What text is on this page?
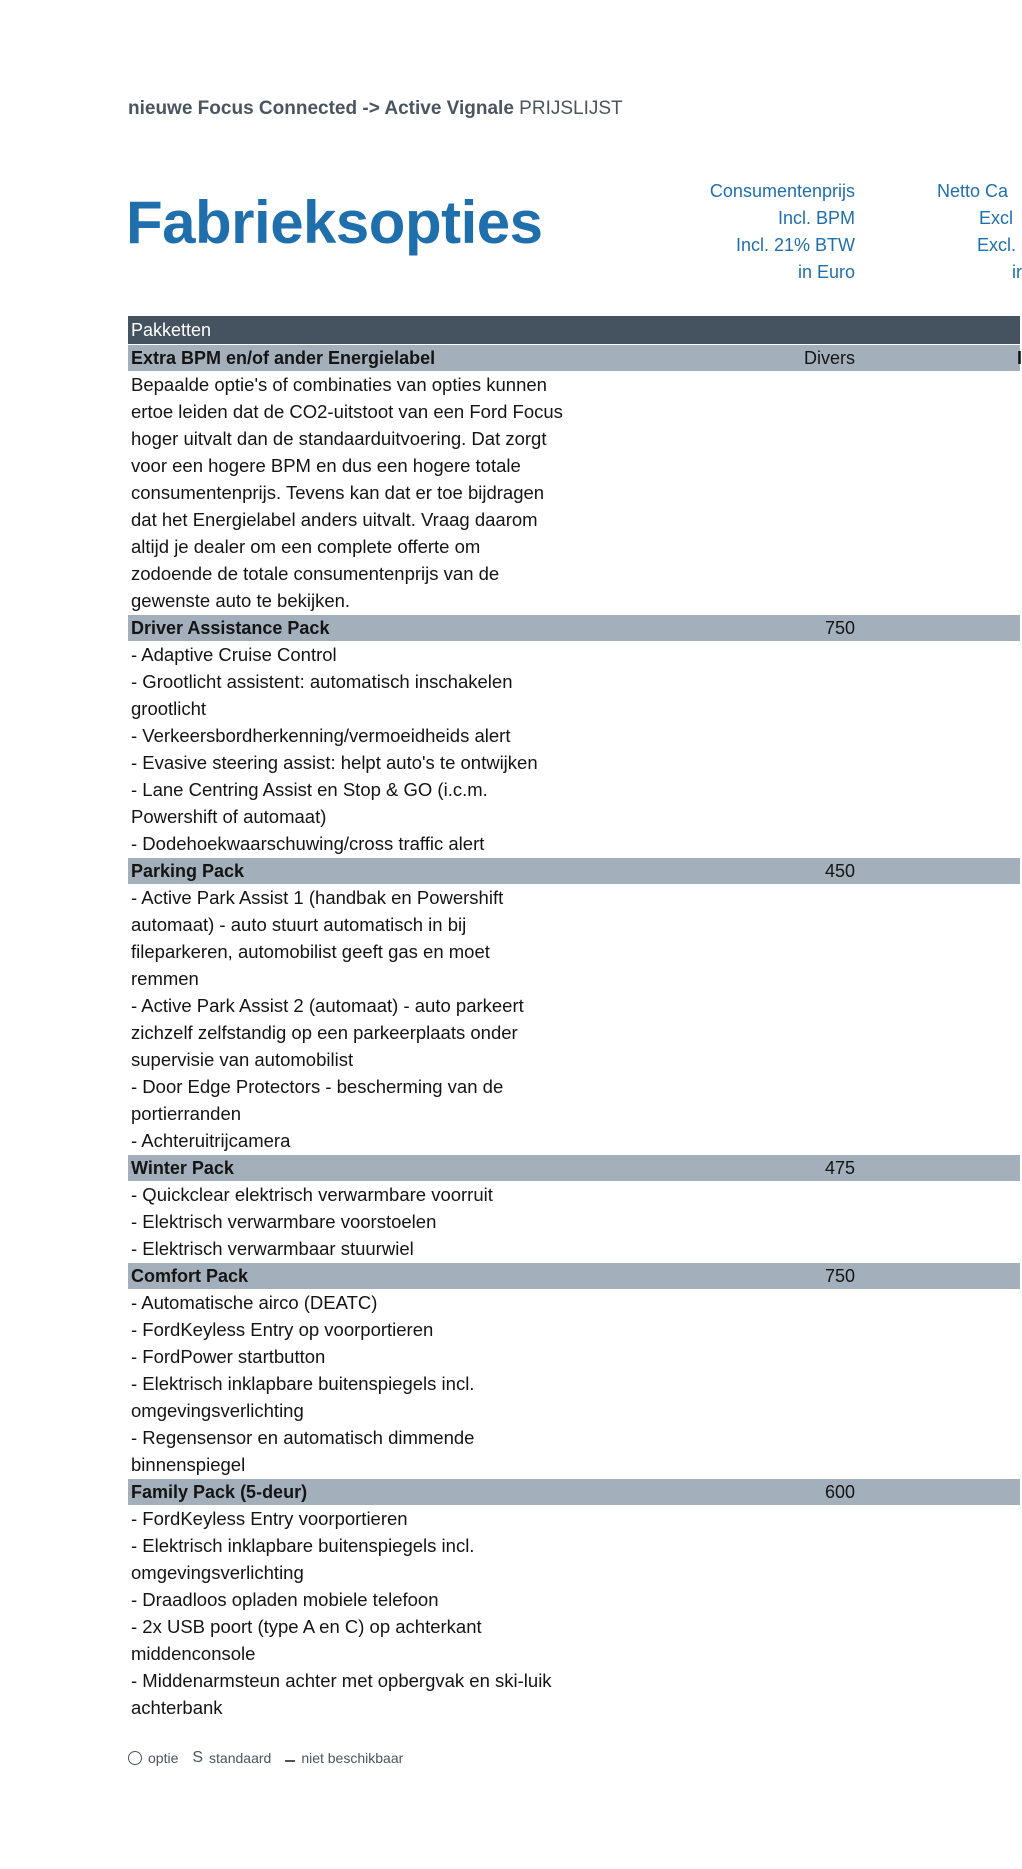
nieuwe Focus Connected -> Active Vignale PRIJSLIJST
Fabrieksopties	Consumentenprijs
Incl. BPM
Incl. 21% BTW
in Euro
Netto Ca
Excl
Excl.
ir
Pakketten
Extra BPM en/of ander Energielabel	Divers	I
Bepaalde optie's of combinaties van opties kunnen
ertoe leiden dat de CO2-uitstoot van een Ford Focus
hoger uitvalt dan de standaarduitvoering. Dat zorgt
voor een hogere BPM en dus een hogere totale
consumentenprijs. Tevens kan dat er toe bijdragen
dat het Energielabel anders uitvalt. Vraag daarom
altijd je dealer om een complete offerte om
zodoende de totale consumentenprijs van de
gewenste auto te bekijken.
Driver Assistance Pack	750
- Adaptive Cruise Control
- Grootlicht assistent: automatisch inschakelen
grootlicht
- Verkeersbordherkenning/vermoeidheids alert
- Evasive steering assist: helpt auto's te ontwijken
- Lane Centring Assist en Stop & GO (i.c.m.
Powershift of automaat)
- Dodehoekwaarschuwing/cross traffic alert
Parking Pack	450
- Active Park Assist 1 (handbak en Powershift
automaat) - auto stuurt automatisch in bij
fileparkeren, automobilist geeft gas en moet
remmen
- Active Park Assist 2 (automaat) - auto parkeert
zichzelf zelfstandig op een parkeerplaats onder
supervisie van automobilist
- Door Edge Protectors - bescherming van de
portierranden
- Achteruitrijcamera
Winter Pack	475
- Quickclear elektrisch verwarmbare voorruit
- Elektrisch verwarmbare voorstoelen
- Elektrisch verwarmbaar stuurwiel
Comfort Pack	750
- Automatische airco (DEATC)
- FordKeyless Entry op voorportieren
- FordPower startbutton
- Elektrisch inklapbare buitenspiegels incl.
omgevingsverlichting
- Regensensor en automatisch dimmende
binnenspiegel
Family Pack (5-deur)	600
- FordKeyless Entry voorportieren
- Elektrisch inklapbare buitenspiegels incl.
omgevingsverlichting
- Draadloos opladen mobiele telefoon
- 2x USB poort (type A en C) op achterkant
middenconsole
- Middenarmsteun achter met opbergvak en ski-luik
achterbank
optie S standaard niet beschikbaar
